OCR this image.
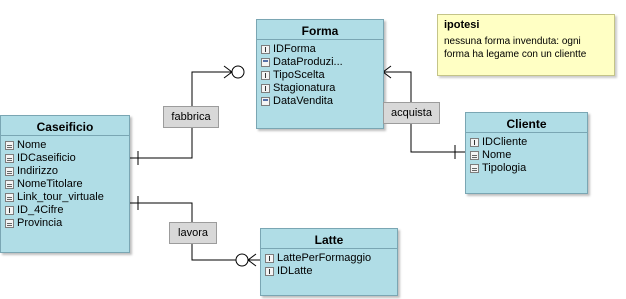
Forma
IDForma
DataProduzi...
TipoScelta
Stagionatura
DataVendita
Caseificio
Nome
IDCaseificio
Indirizzo
NomeTitolare
Link_tour_virtuale
ID_4Cifre
Provincia
Cliente
IDCliente
Nome
Tipologia
Latte
LattePerFormaggio
IDLatte
fabbrica	acquista
lavora
ipotesi
nessuna forma invenduta: ogni forma ha legame con un clientte
